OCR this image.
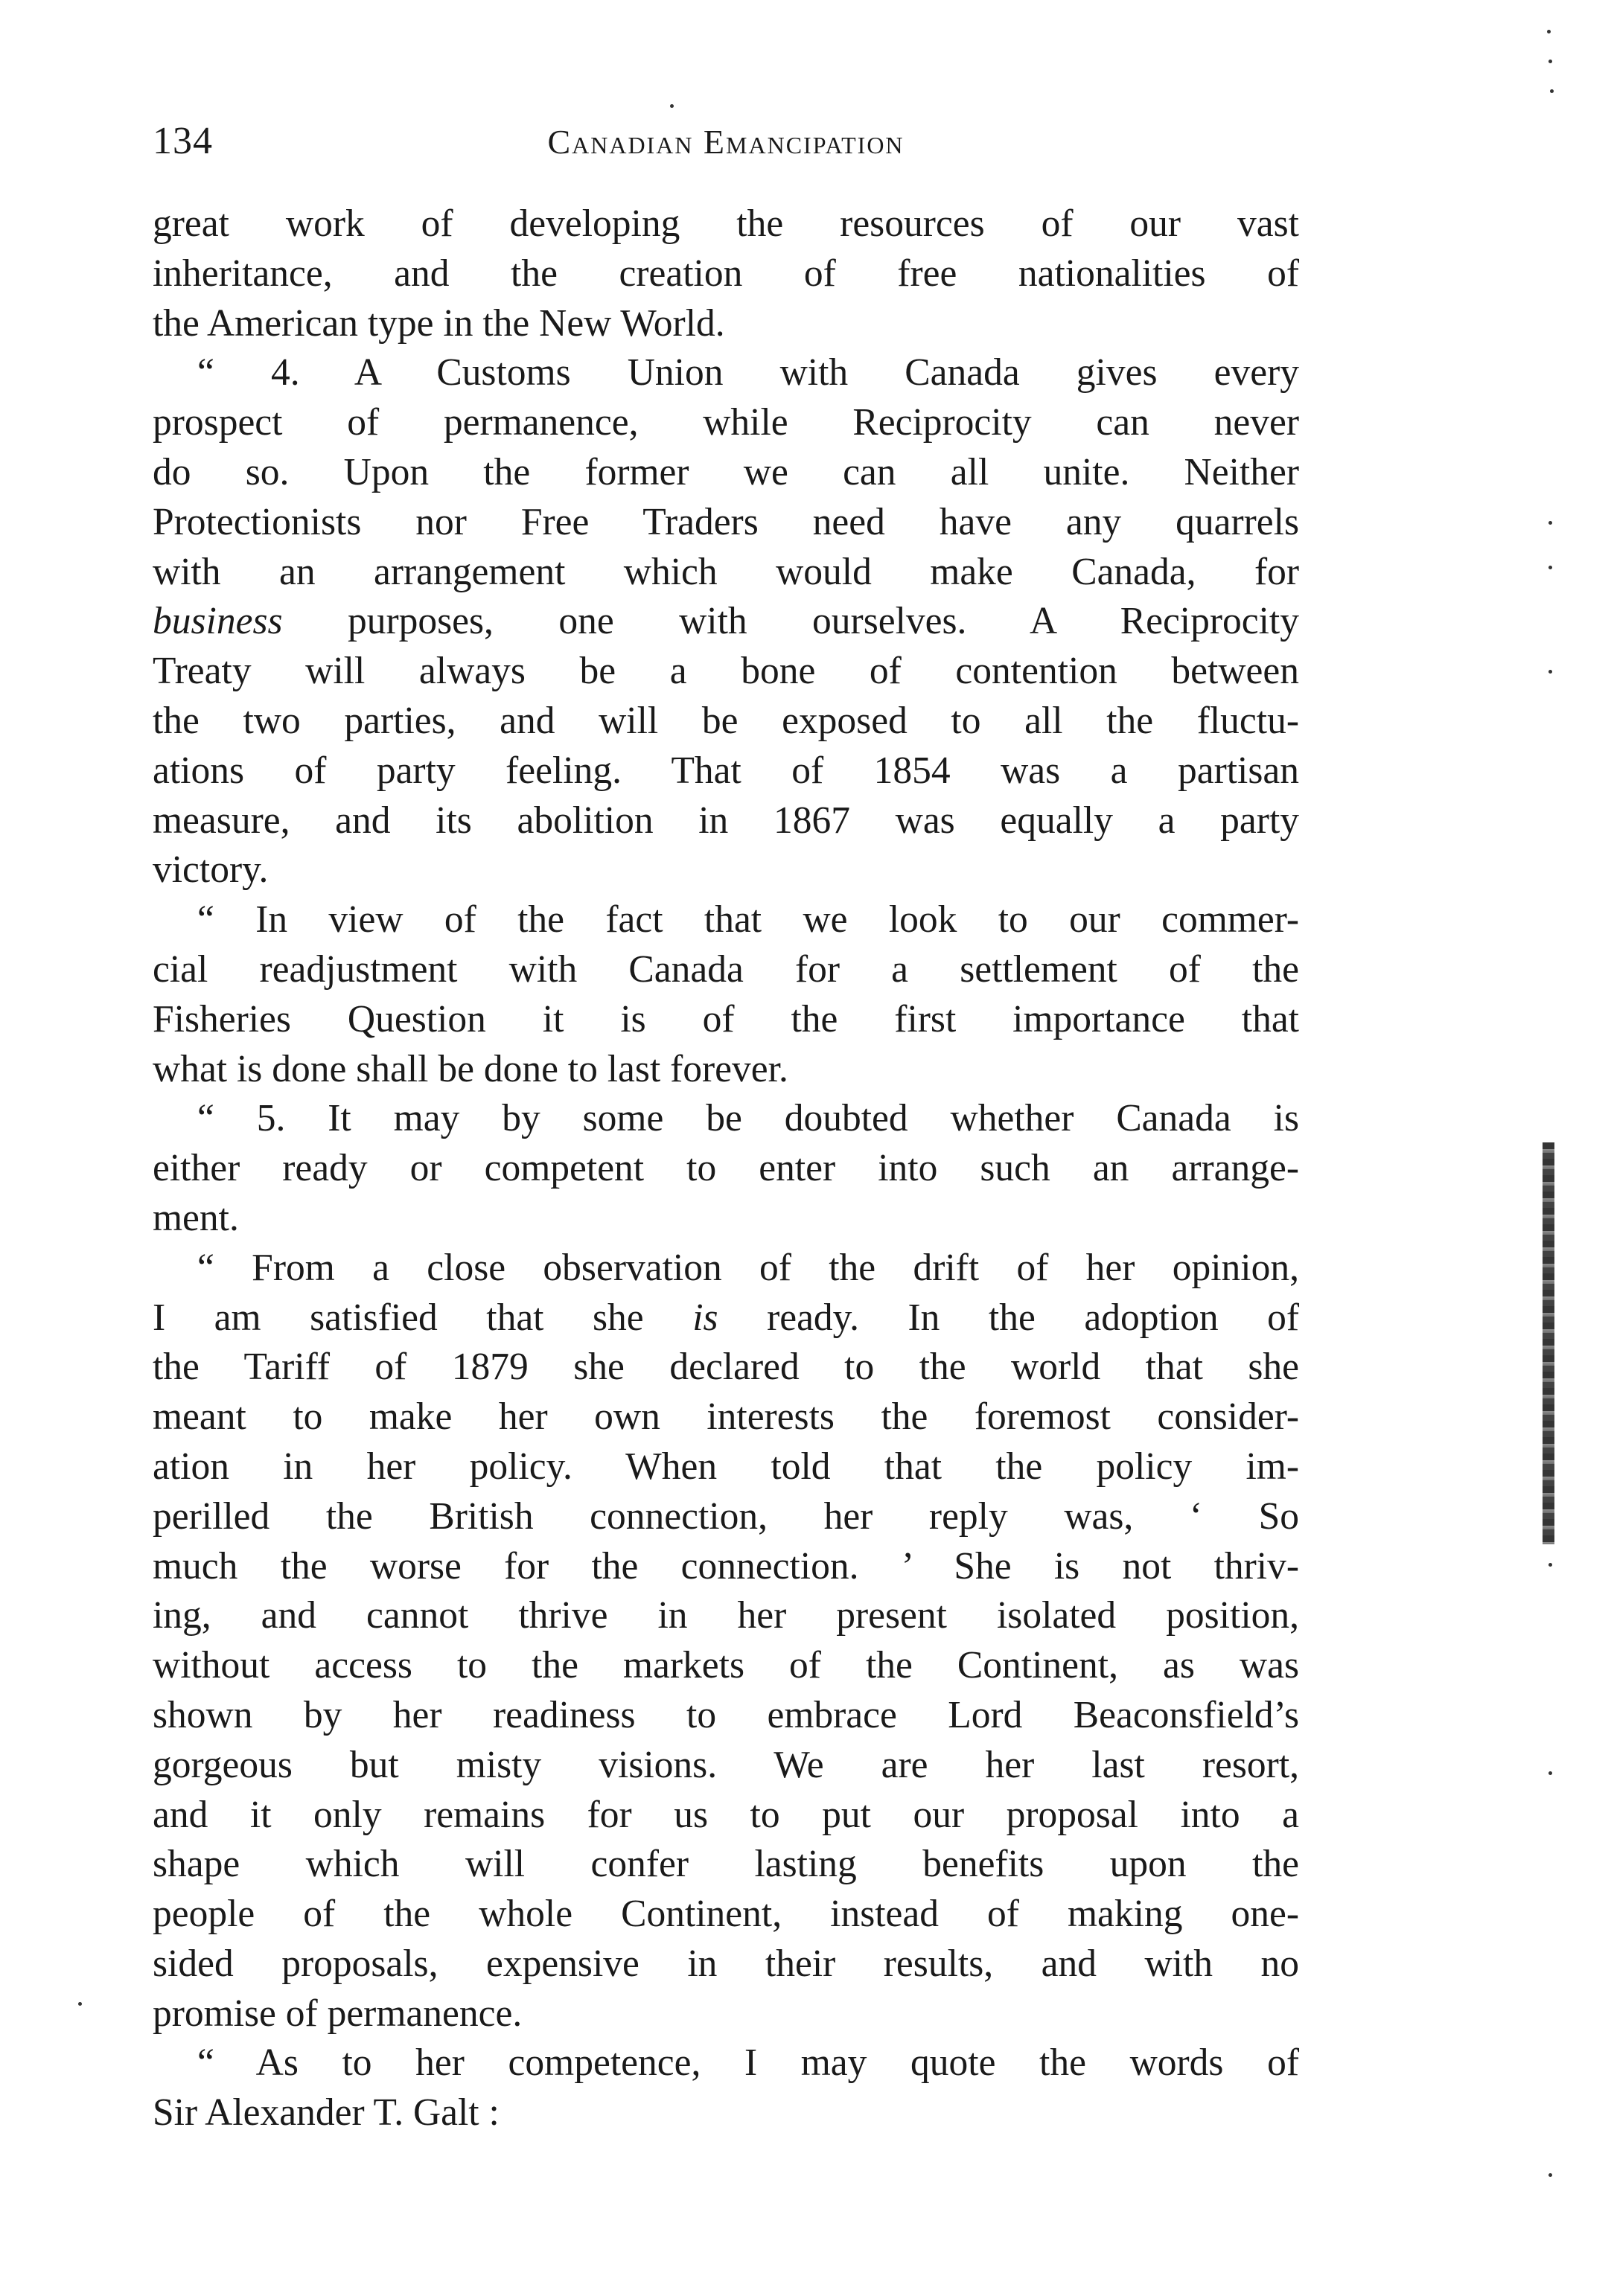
134	Canadian Emancipation

great work of developing the resources of our vast
inheritance, and the creation of free nationalities of
the American type in the New World.

“ 4. A Customs Union with Canada gives every
prospect of permanence, while Reciprocity can never
do so. Upon the former we can all unite. Neither
Protectionists nor Free Traders need have any quarrels
with an arrangement which would make Canada, for
business purposes, one with ourselves. A Reciprocity
Treaty will always be a bone of contention between
the two parties, and will be exposed to all the fluctu-
ations of party feeling. That of 1854 was a partisan
measure, and its abolition in 1867 was equally a party
victory.

“ In view of the fact that we look to our commer-
cial readjustment with Canada for a settlement of the
Fisheries Question it is of the first importance that
what is done shall be done to last forever.

“ 5. It may by some be doubted whether Canada is
either ready or competent to enter into such an arrange-
ment.

“ From a close observation of the drift of her opinion,
I am satisfied that she is ready. In the adoption of
the Tariff of 1879 she declared to the world that she
meant to make her own interests the foremost consider-
ation in her policy. When told that the policy im-
perilled the British connection, her reply was, ‘ So
much the worse for the connection. ’ She is not thriv-
ing, and cannot thrive in her present isolated position,
without access to the markets of the Continent, as was
shown by her readiness to embrace Lord Beaconsfield’s
gorgeous but misty visions. We are her last resort,
and it only remains for us to put our proposal into a
shape which will confer lasting benefits upon the
people of the whole Continent, instead of making one-
sided proposals, expensive in their results, and with no
promise of permanence.

“ As to her competence, I may quote the words of
Sir Alexander T. Galt :
